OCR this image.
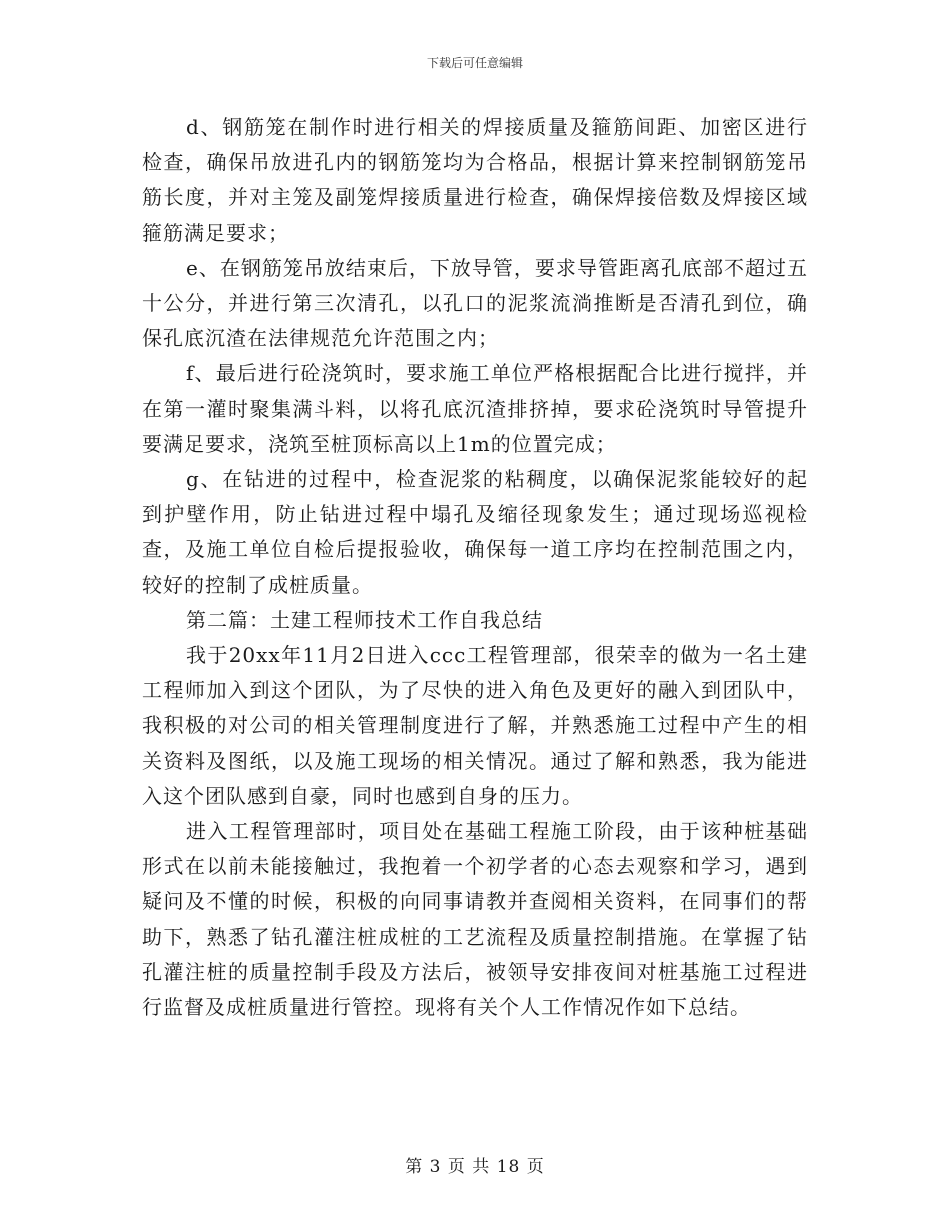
下载后可任意编辑

d、钢筋笼在制作时进行相关的焊接质量及箍筋间距、加密区进行检查，确保吊放进孔内的钢筋笼均为合格品，根据计算来控制钢筋笼吊筋长度，并对主笼及副笼焊接质量进行检查，确保焊接倍数及焊接区域箍筋满足要求；

e、在钢筋笼吊放结束后，下放导管，要求导管距离孔底部不超过五十公分，并进行第三次清孔，以孔口的泥浆流淌推断是否清孔到位，确保孔底沉渣在法律规范允许范围之内；

f、最后进行砼浇筑时，要求施工单位严格根据配合比进行搅拌，并在第一灌时聚集满斗料，以将孔底沉渣排挤掉，要求砼浇筑时导管提升要满足要求，浇筑至桩顶标高以上1m的位置完成；

g、在钻进的过程中，检查泥浆的粘稠度，以确保泥浆能较好的起到护壁作用，防止钻进过程中塌孔及缩径现象发生；通过现场巡视检查，及施工单位自检后提报验收，确保每一道工序均在控制范围之内，较好的控制了成桩质量。

第二篇：土建工程师技术工作自我总结

我于20xx年11月2日进入ccc工程管理部，很荣幸的做为一名土建工程师加入到这个团队，为了尽快的进入角色及更好的融入到团队中，我积极的对公司的相关管理制度进行了解，并熟悉施工过程中产生的相关资料及图纸，以及施工现场的相关情况。通过了解和熟悉，我为能进入这个团队感到自豪，同时也感到自身的压力。

进入工程管理部时，项目处在基础工程施工阶段，由于该种桩基础形式在以前未能接触过，我抱着一个初学者的心态去观察和学习，遇到疑问及不懂的时候，积极的向同事请教并查阅相关资料，在同事们的帮助下，熟悉了钻孔灌注桩成桩的工艺流程及质量控制措施。在掌握了钻孔灌注桩的质量控制手段及方法后，被领导安排夜间对桩基施工过程进行监督及成桩质量进行管控。现将有关个人工作情况作如下总结。

第 3 页 共 18 页
